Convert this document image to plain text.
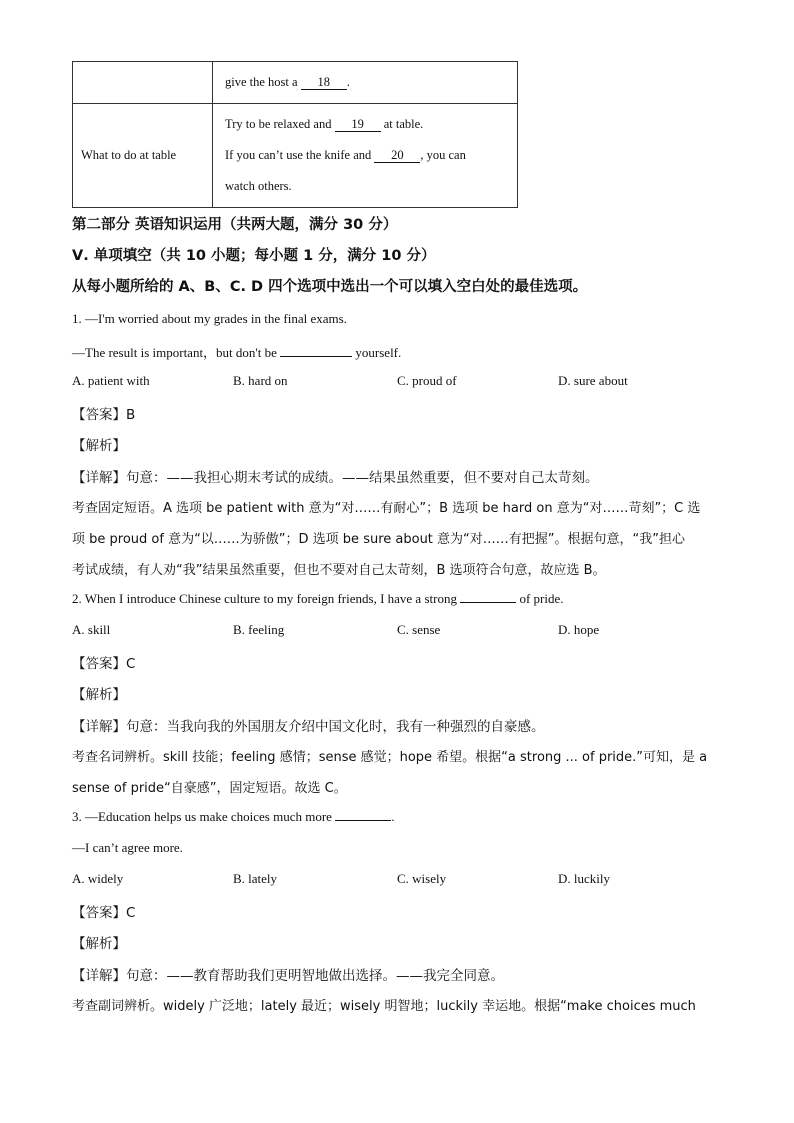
	give the host a 18 .
What to do at table	Try to be relaxed and 19 at table.
If you can’t use the knife and 20 , you can
watch others.
第二部分 英语知识运用（共两大题，满分 30 分）
Ⅴ. 单项填空（共 10 小题；每小题 1 分，满分 10 分）
从每小题所给的 A、B、C. D 四个选项中选出一个可以填入空白处的最佳选项。
1. —I'm worried about my grades in the final exams.
—The result is important，but don't be	yourself.
A. patient with	B. hard on	C. proud of	D. sure about
【答案】B
【解析】
【详解】句意：——我担心期末考试的成绩。——结果虽然重要，但不要对自己太苛刻。
考查固定短语。A 选项 be patient with 意为“对……有耐心”；B 选项 be hard on 意为“对……苛刻”；C 选
项 be proud of 意为“以……为骄傲”；D 选项 be sure about 意为“对……有把握”。根据句意，“我”担心
考试成绩，有人劝“我”结果虽然重要，但也不要对自己太苛刻，B 选项符合句意，故应选 B。
2. When I introduce Chinese culture to my foreign friends, I have a strong	of pride.
A. skill	B. feeling	C. sense	D. hope
【答案】C
【解析】
【详解】句意：当我向我的外国朋友介绍中国文化时，我有一种强烈的自豪感。
考查名词辨析。skill 技能；feeling 感情；sense 感觉；hope 希望。根据“a strong ... of pride.”可知，是 a
sense of pride“自豪感”，固定短语。故选 C。
3. —Education helps us make choices much more	.
—I can’t agree more.
A. widely	B. lately	C. wisely	D. luckily
【答案】C
【解析】
【详解】句意：——教育帮助我们更明智地做出选择。——我完全同意。
考查副词辨析。widely 广泛地；lately 最近；wisely 明智地；luckily 幸运地。根据“make choices much
